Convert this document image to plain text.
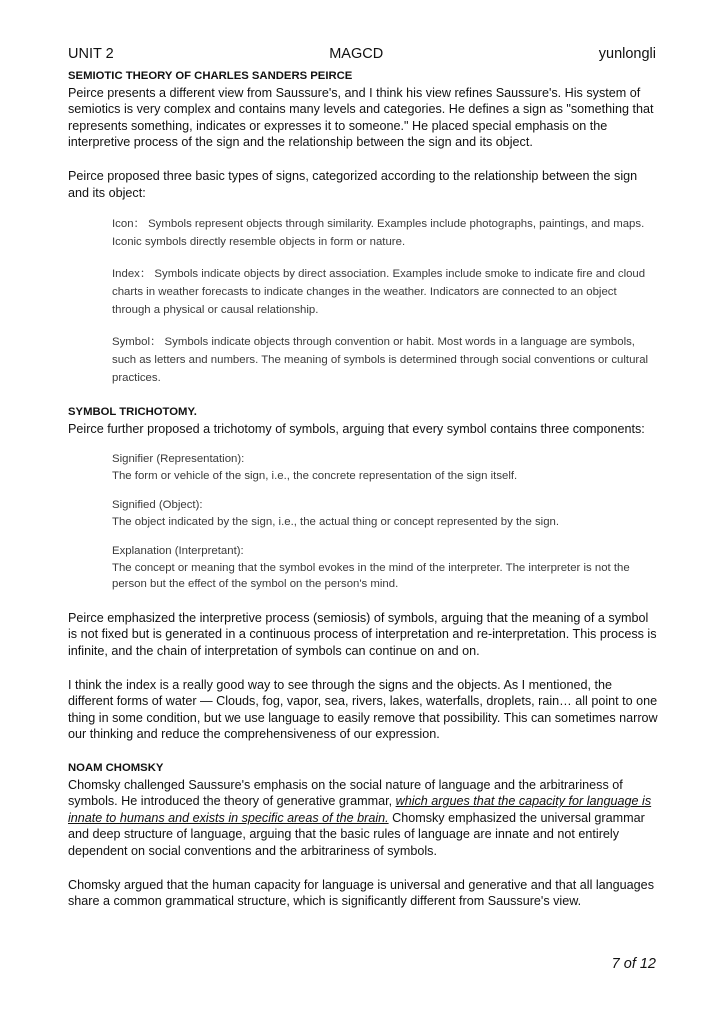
UNIT 2	MAGCD	yunlongli

SEMIOTIC THEORY OF CHARLES SANDERS PEIRCE

Peirce presents a different view from Saussure's, and I think his view refines Saussure's. His system of semiotics is very complex and contains many levels and categories. He defines a sign as "something that represents something, indicates or expresses it to someone." He placed special emphasis on the interpretive process of the sign and the relationship between the sign and its object.

Peirce proposed three basic types of signs, categorized according to the relationship between the sign and its object:

Icon： Symbols represent objects through similarity. Examples include photographs, paintings, and maps. Iconic symbols directly resemble objects in form or nature.

Index： Symbols indicate objects by direct association. Examples include smoke to indicate fire and cloud charts in weather forecasts to indicate changes in the weather. Indicators are connected to an object through a physical or causal relationship.

Symbol： Symbols indicate objects through convention or habit. Most words in a language are symbols, such as letters and numbers. The meaning of symbols is determined through social conventions or cultural practices.

SYMBOL TRICHOTOMY.

Peirce further proposed a trichotomy of symbols, arguing that every symbol contains three components:

Signifier (Representation):
The form or vehicle of the sign, i.e., the concrete representation of the sign itself.
Signified (Object):
The object indicated by the sign, i.e., the actual thing or concept represented by the sign.
Explanation (Interpretant):
The concept or meaning that the symbol evokes in the mind of the interpreter. The interpreter is not the person but the effect of the symbol on the person's mind.

Peirce emphasized the interpretive process (semiosis) of symbols, arguing that the meaning of a symbol is not fixed but is generated in a continuous process of interpretation and re-interpretation. This process is infinite, and the chain of interpretation of symbols can continue on and on.

I think the index is a really good way to see through the signs and the objects. As I mentioned, the different forms of water — Clouds, fog, vapor, sea, rivers, lakes, waterfalls, droplets, rain… all point to one thing in some condition, but we use language to easily remove that possibility. This can sometimes narrow our thinking and reduce the comprehensiveness of our expression.

NOAM CHOMSKY

Chomsky challenged Saussure's emphasis on the social nature of language and the arbitrariness of symbols. He introduced the theory of generative grammar, which argues that the capacity for language is innate to humans and exists in specific areas of the brain. Chomsky emphasized the universal grammar and deep structure of language, arguing that the basic rules of language are innate and not entirely dependent on social conventions and the arbitrariness of symbols.

Chomsky argued that the human capacity for language is universal and generative and that all languages share a common grammatical structure, which is significantly different from Saussure's view.

7 of 12
